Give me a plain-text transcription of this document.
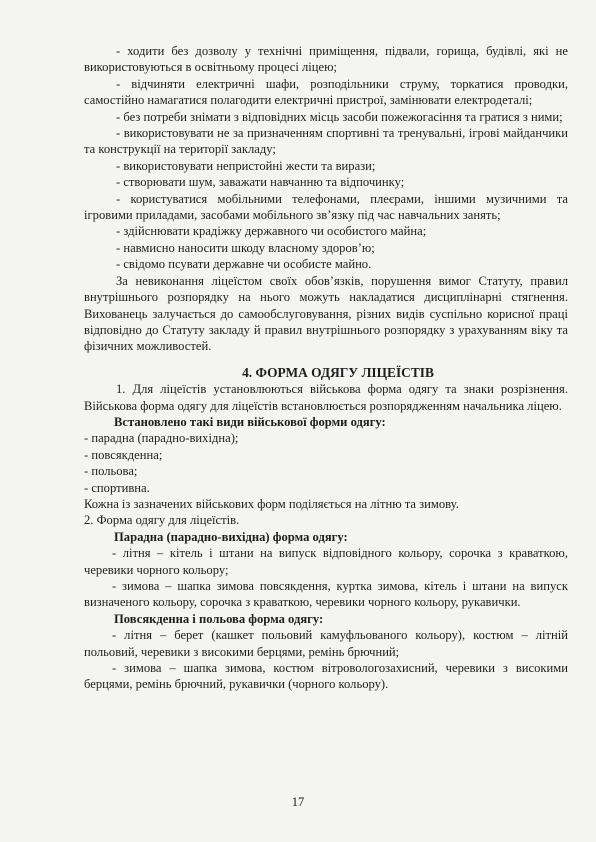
- ходити без дозволу у технічні приміщення, підвали, горища, будівлі, які не використовуються в освітньому процесі ліцею;

- відчиняти електричні шафи, розподільники струму, торкатися проводки, самостійно намагатися полагодити електричні пристрої, замінювати електродеталі;

- без потреби знімати з відповідних місць засоби пожежогасіння та гратися з ними;

- використовувати не за призначенням спортивні та тренувальні, ігрові майданчики та конструкції на території закладу;

- використовувати непристойні жести та вирази;

- створювати шум, заважати навчанню та відпочинку;

- користуватися мобільними телефонами, плеєрами, іншими музичними та ігровими приладами, засобами мобільного зв’язку під час навчальних занять;

- здійснювати крадіжку державного чи особистого майна;

- навмисно наносити шкоду власному здоров’ю;

- свідомо псувати державне чи особисте майно.

За невиконання ліцеїстом своїх обов’язків, порушення вимог Статуту, правил внутрішнього розпорядку на нього можуть накладатися дисциплінарні стягнення. Вихованець залучається до самообслуговування, різних видів суспільно корисної праці відповідно до Статуту закладу й правил внутрішнього розпорядку з урахуванням віку та фізичних можливостей.

4. ФОРМА ОДЯГУ ЛІЦЕЇСТІВ

1. Для ліцеїстів установлюються військова форма одягу та знаки розрізнення. Військова форма одягу для ліцеїстів встановлюється розпорядженням начальника ліцею.

Встановлено такі види військової форми одягу:

- парадна (парадно-вихідна);

- повсякденна;

- польова;

- спортивна.

Кожна із зазначених військових форм поділяється на літню та зимову.

2. Форма одягу для ліцеїстів.

Парадна (парадно-вихідна) форма одягу:

- літня – кітель і штани на випуск відповідного кольору, сорочка з краваткою, черевики чорного кольору;

- зимова – шапка зимова повсякдення, куртка зимова, кітель і штани на випуск визначеного кольору, сорочка з краваткою, черевики чорного кольору, рукавички.

Повсякденна і польова форма одягу:

- літня – берет (кашкет польовий камуфльованого кольору), костюм – літній польовий, черевики з високими берцями, ремінь брючний;

- зимова – шапка зимова, костюм вітровологозахисний, черевики з високими берцями, ремінь брючний, рукавички (чорного кольору).

17
